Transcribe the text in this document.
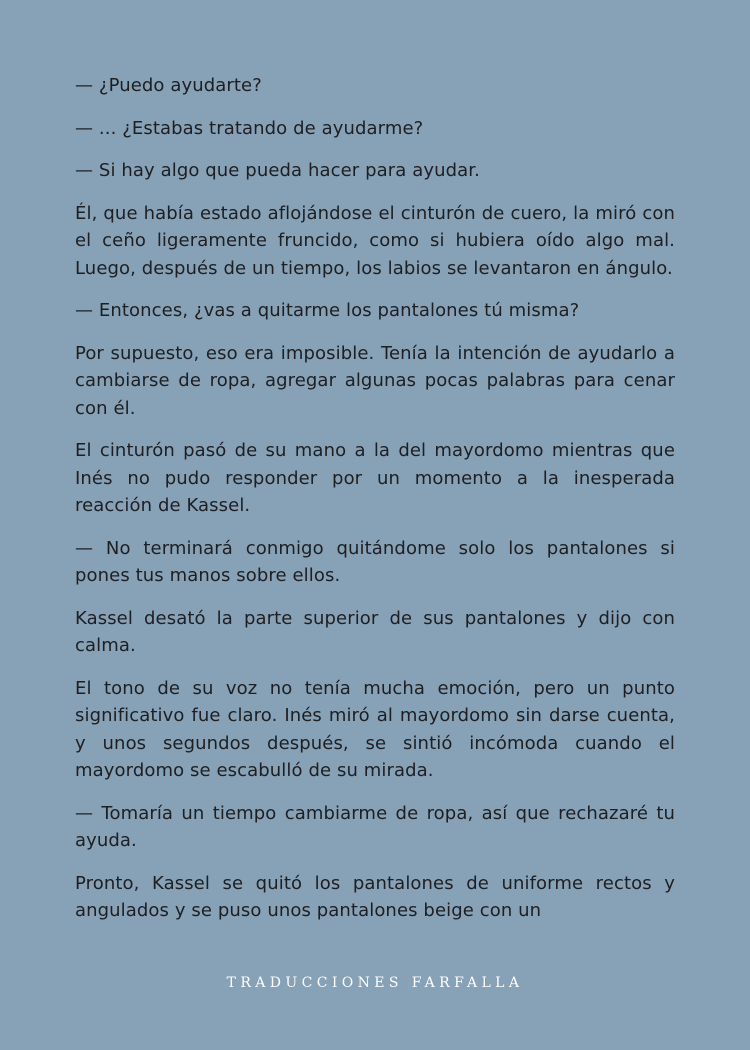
— ¿Puedo ayudarte?

— ... ¿Estabas tratando de ayudarme?

— Si hay algo que pueda hacer para ayudar.

Él, que había estado aflojándose el cinturón de cuero, la miró con el ceño ligeramente fruncido, como si hubiera oído algo mal. Luego, después de un tiempo, los labios se levantaron en ángulo.

— Entonces, ¿vas a quitarme los pantalones tú misma?

Por supuesto, eso era imposible. Tenía la intención de ayudarlo a cambiarse de ropa, agregar algunas pocas palabras para cenar con él.

El cinturón pasó de su mano a la del mayordomo mientras que Inés no pudo responder por un momento a la inesperada reacción de Kassel.

— No terminará conmigo quitándome solo los pantalones si pones tus manos sobre ellos.

Kassel desató la parte superior de sus pantalones y dijo con calma.

El tono de su voz no tenía mucha emoción, pero un punto significativo fue claro. Inés miró al mayordomo sin darse cuenta, y unos segundos después, se sintió incómoda cuando el mayordomo se escabulló de su mirada.

— Tomaría un tiempo cambiarme de ropa, así que rechazaré tu ayuda.

Pronto, Kassel se quitó los pantalones de uniforme rectos y angulados y se puso unos pantalones beige con un

TRADUCCIONES FARFALLA
